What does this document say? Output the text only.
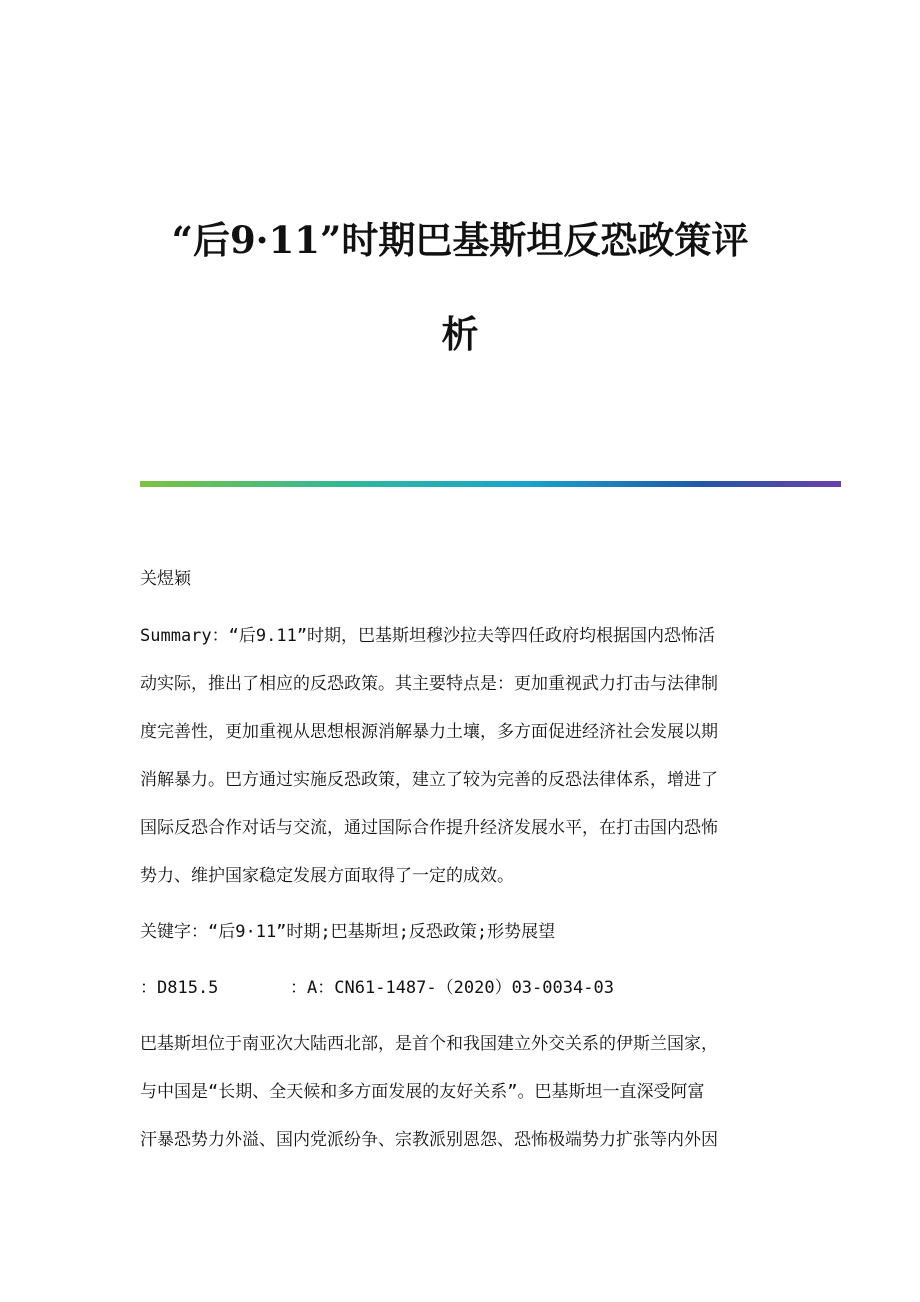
“后9·11”时期巴基斯坦反恐政策评
析
关煜颖
Summary：“后9.11”时期，巴基斯坦穆沙拉夫等四任政府均根据国内恐怖活
动实际，推出了相应的反恐政策。其主要特点是：更加重视武力打击与法律制
度完善性，更加重视从思想根源消解暴力土壤，多方面促进经济社会发展以期
消解暴力。巴方通过实施反恐政策，建立了较为完善的反恐法律体系，增进了
国际反恐合作对话与交流，通过国际合作提升经济发展水平，在打击国内恐怖
势力、维护国家稳定发展方面取得了一定的成效。
关键字：“后9·11”时期;巴基斯坦;反恐政策;形势展望
：D815.5       ：A：CN61-1487-（2020）03-0034-03
巴基斯坦位于南亚次大陆西北部，是首个和我国建立外交关系的伊斯兰国家，
与中国是“长期、全天候和多方面发展的友好关系”。巴基斯坦一直深受阿富
汗暴恐势力外溢、国内党派纷争、宗教派别恩怨、恐怖极端势力扩张等内外因
